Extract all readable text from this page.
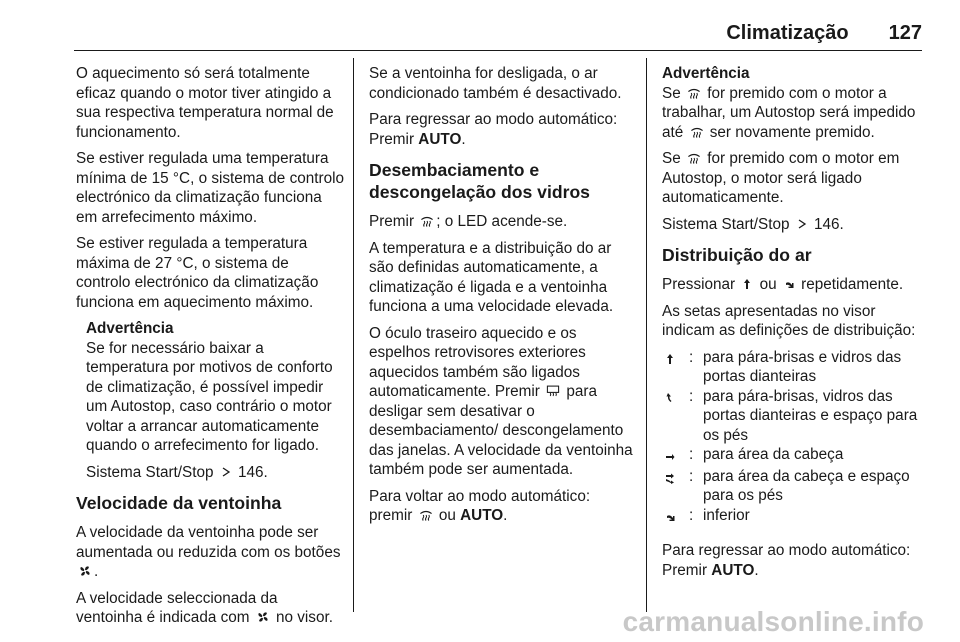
Climatização 127

O aquecimento só será totalmente eficaz quando o motor tiver atingido a sua respectiva temperatura normal de funcionamento.

Se estiver regulada uma temperatura mínima de 15 °C, o sistema de controlo electrónico da climatização funciona em arrefecimento máximo.

Se estiver regulada a temperatura máxima de 27 °C, o sistema de controlo electrónico da climatização funciona em aquecimento máximo.

Advertência

Se for necessário baixar a temperatura por motivos de conforto de climatização, é possível impedir um Autostop, caso contrário o motor voltar a arrancar automaticamente quando o arrefecimento for ligado.

Sistema Start/Stop 146.

Velocidade da ventoinha

A velocidade da ventoinha pode ser aumentada ou reduzida com os botões
.

A velocidade seleccionada da ventoinha é indicada com no visor.

Se a ventoinha for desligada, o ar condicionado também é desactivado.

Para regressar ao modo automático: Premir AUTO.

Desembaciamento e descongelação dos vidros

Premir ; o LED acende-se.

A temperatura e a distribuição do ar são definidas automaticamente, a climatização é ligada e a ventoinha funciona a uma velocidade elevada.

O óculo traseiro aquecido e os espelhos retrovisores exteriores aquecidos também são ligados automaticamente. Premir para desligar sem desativar o desembaciamento/ descongelamento das janelas. A velocidade da ventoinha também pode ser aumentada.

Para voltar ao modo automático: premir ou AUTO.

Advertência

Se for premido com o motor a trabalhar, um Autostop será impedido até ser novamente premido.

Se for premido com o motor em Autostop, o motor será ligado automaticamente.

Sistema Start/Stop 146.

Distribuição do ar

Pressionar ou repetidamente.

As setas apresentadas no visor indicam as definições de distribuição:

: para pára-brisas e vidros das portas dianteiras
: para pára-brisas, vidros das portas dianteiras e espaço para os pés
: para área da cabeça
: para área da cabeça e espaço para os pés
: inferior

Para regressar ao modo automático: Premir AUTO.

carmanualsonline.info
